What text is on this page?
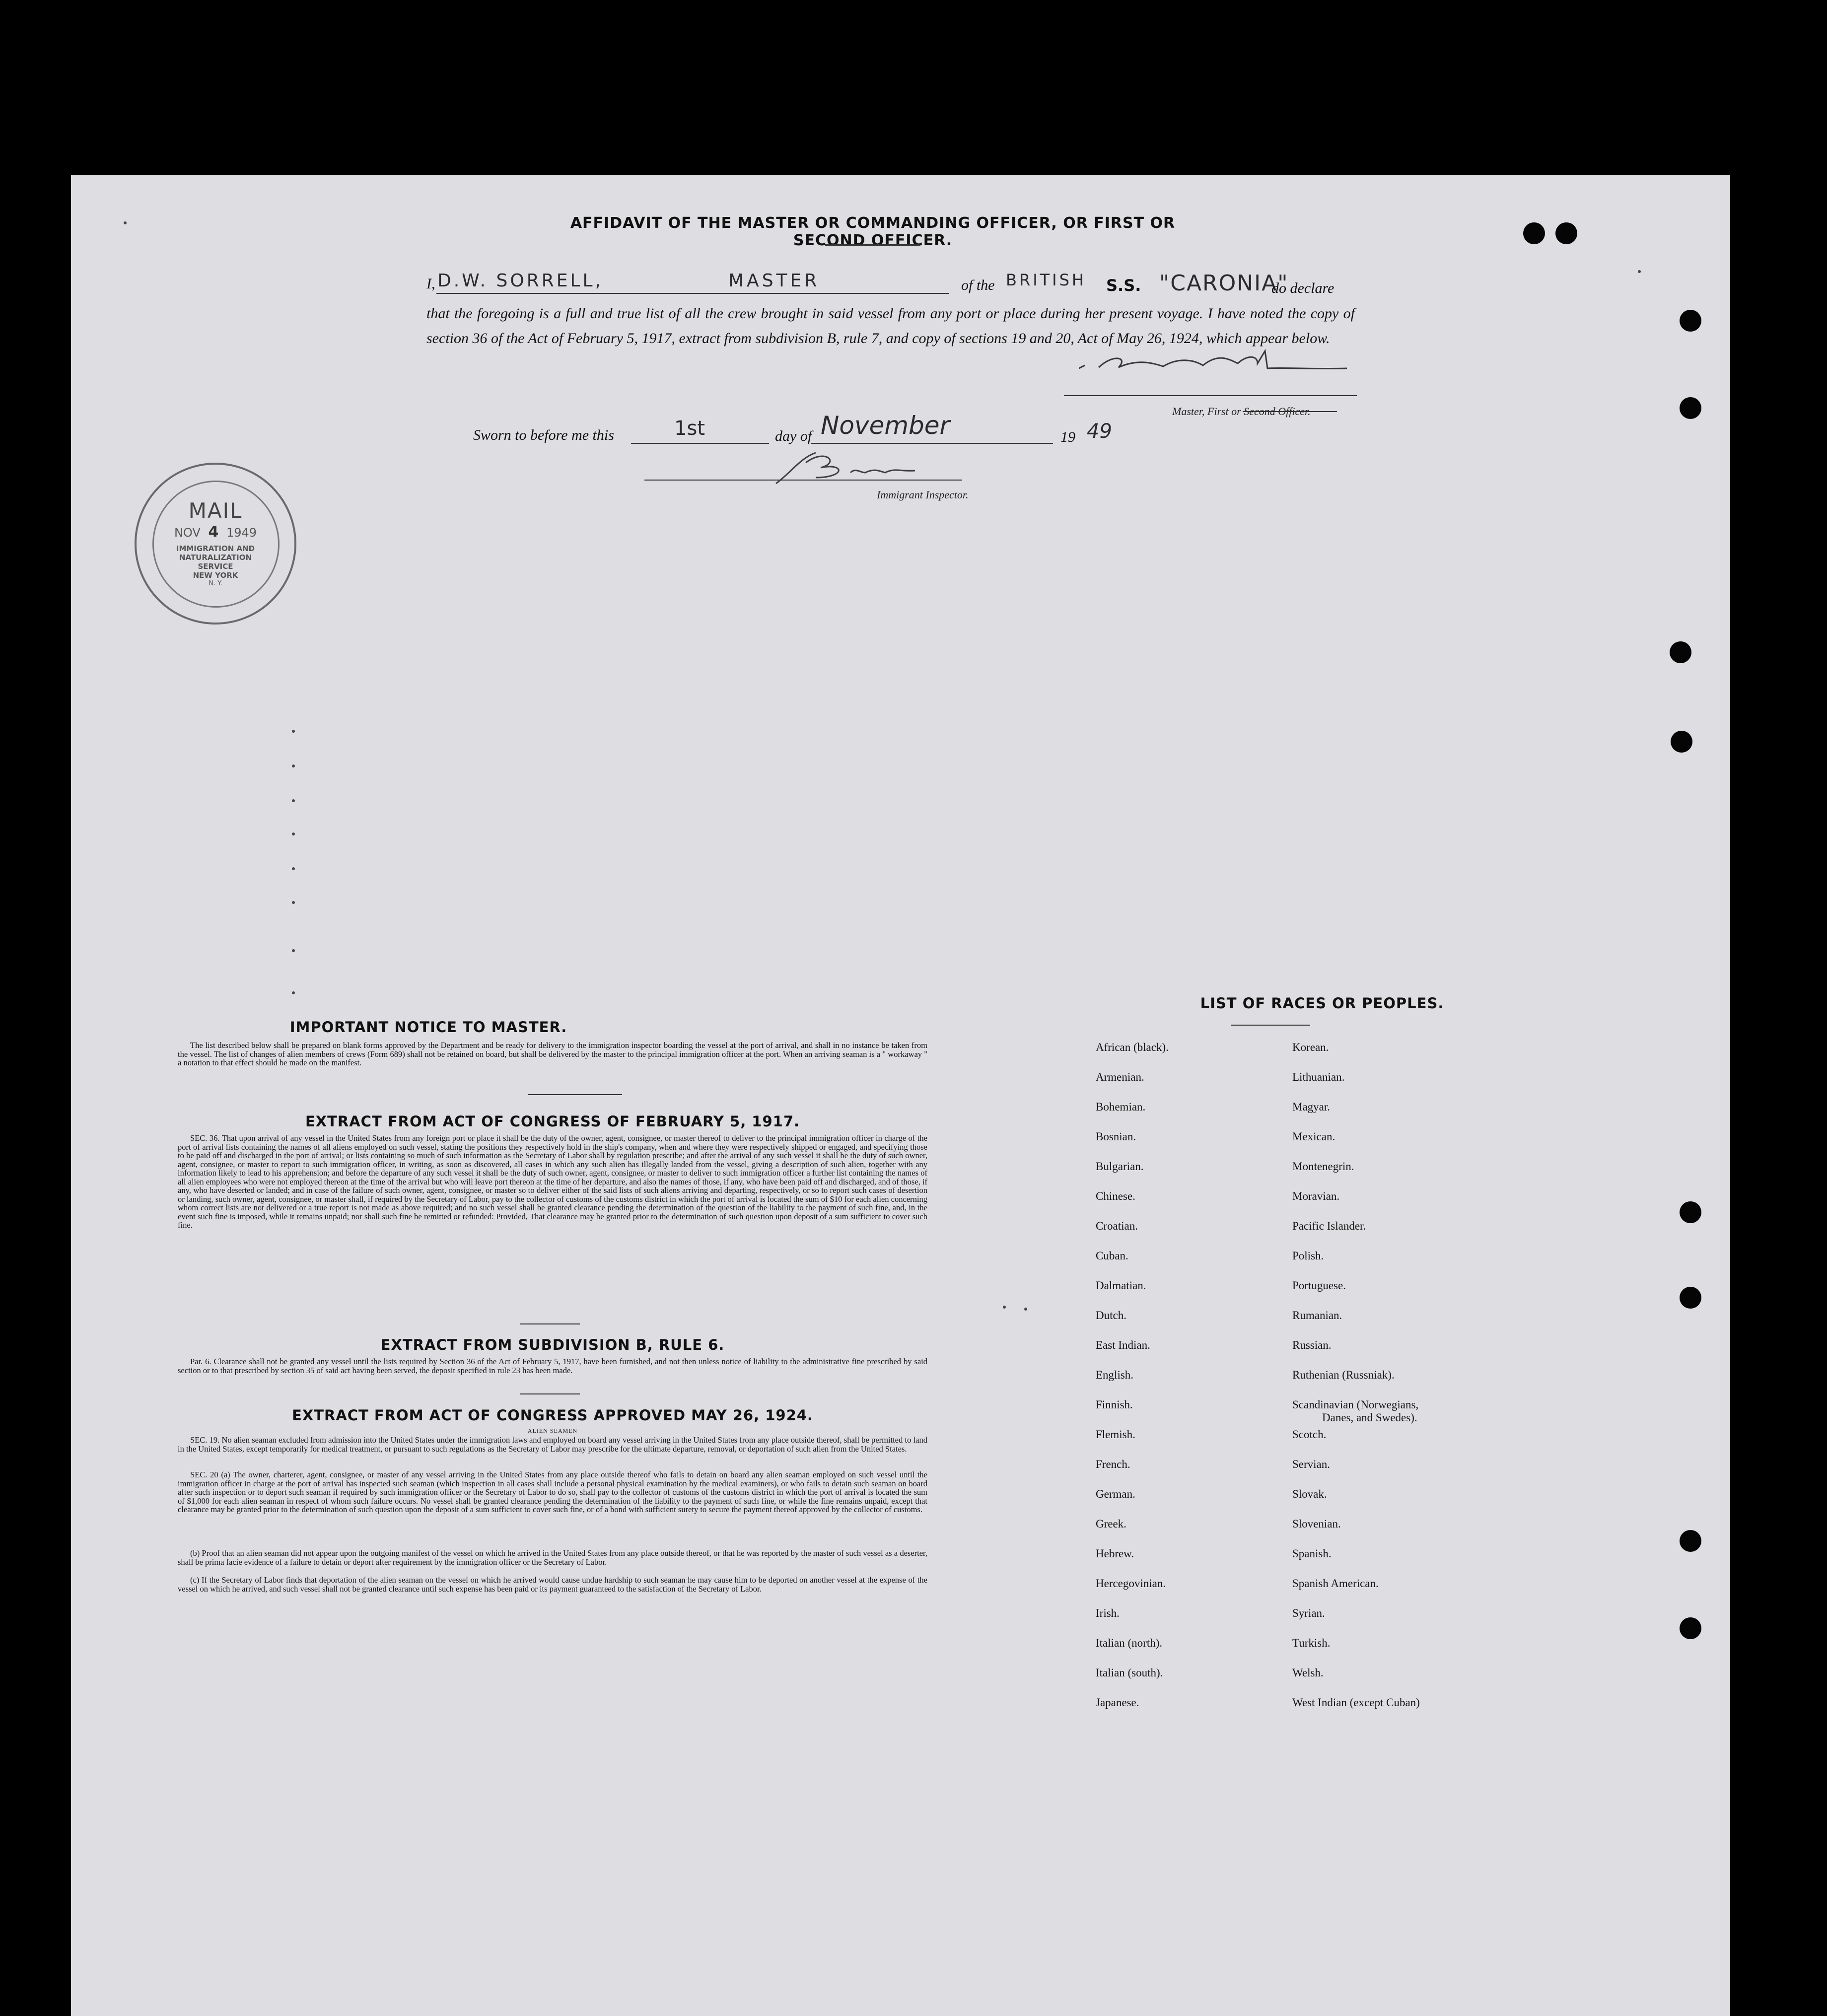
AFFIDAVIT OF THE MASTER OR COMMANDING OFFICER, OR FIRST OR SECOND OFFICER.
I, D.W. SORRELL,	MASTER	of the BRITISH S.S. "CARONIA"
do declare
that the foregoing is a full and true list of all the crew brought in said vessel from any port or place during her present voyage. I have noted the copy of section 36 of the Act of February 5, 1917, extract from subdivision B, rule 7, and copy of sections 19 and 20, Act of May 26, 1924, which appear below.
Master, First or Second Officer.
Sworn to before me this	1st	day of November	19 49
Immigrant Inspector.
MAIL
NOV 4 1949
IMMIGRATION AND
NATURALIZATION
SERVICE
NEW YORK
N. Y.
IMPORTANT NOTICE TO MASTER.
The list described below shall be prepared on blank forms approved by the Department and be ready for delivery to the immigration inspector boarding the vessel at the port of arrival, and shall in no instance be taken from the vessel. The list of changes of alien members of crews (Form 689) shall not be retained on board, but shall be delivered by the master to the principal immigration officer at the port. When an arriving seaman is a " workaway " a notation to that effect should be made on the manifest.
EXTRACT FROM ACT OF CONGRESS OF FEBRUARY 5, 1917.
SEC. 36. That upon arrival of any vessel in the United States from any foreign port or place it shall be the duty of the owner, agent, consignee, or master thereof to deliver to the principal immigration officer in charge of the port of arrival lists containing the names of all aliens employed on such vessel, stating the positions they respectively hold in the ship's company, when and where they were respectively shipped or engaged, and specifying those to be paid off and discharged in the port of arrival; or lists containing so much of such information as the Secretary of Labor shall by regulation prescribe; and after the arrival of any such vessel it shall be the duty of such owner, agent, consignee, or master to report to such immigration officer, in writing, as soon as discovered, all cases in which any such alien has illegally landed from the vessel, giving a description of such alien, together with any information likely to lead to his apprehension; and before the departure of any such vessel it shall be the duty of such owner, agent, consignee, or master to deliver to such immigration officer a further list containing the names of all alien employees who were not employed thereon at the time of the arrival but who will leave port thereon at the time of her departure, and also the names of those, if any, who have been paid off and discharged, and of those, if any, who have deserted or landed; and in case of the failure of such owner, agent, consignee, or master so to deliver either of the said lists of such aliens arriving and departing, respectively, or so to report such cases of desertion or landing, such owner, agent, consignee, or master shall, if required by the Secretary of Labor, pay to the collector of customs of the customs district in which the port of arrival is located the sum of $10 for each alien concerning whom correct lists are not delivered or a true report is not made as above required; and no such vessel shall be granted clearance pending the determination of the question of the liability to the payment of such fine, and, in the event such fine is imposed, while it remains unpaid; nor shall such fine be remitted or refunded: Provided, That clearance may be granted prior to the determination of such question upon deposit of a sum sufficient to cover such fine.
EXTRACT FROM SUBDIVISION B, RULE 6.
Par. 6. Clearance shall not be granted any vessel until the lists required by Section 36 of the Act of February 5, 1917, have been furnished, and not then unless notice of liability to the administrative fine prescribed by said section or to that prescribed by section 35 of said act having been served, the deposit specified in rule 23 has been made.
EXTRACT FROM ACT OF CONGRESS APPROVED MAY 26, 1924.
ALIEN SEAMEN
SEC. 19. No alien seaman excluded from admission into the United States under the immigration laws and employed on board any vessel arriving in the United States from any place outside thereof, shall be permitted to land in the United States, except temporarily for medical treatment, or pursuant to such regulations as the Secretary of Labor may prescribe for the ultimate departure, removal, or deportation of such alien from the United States.
SEC. 20 (a) The owner, charterer, agent, consignee, or master of any vessel arriving in the United States from any place outside thereof who fails to detain on board any alien seaman employed on such vessel until the immigration officer in charge at the port of arrival has inspected such seaman (which inspection in all cases shall include a personal physical examination by the medical examiners), or who fails to detain such seaman on board after such inspection or to deport such seaman if required by such immigration officer or the Secretary of Labor to do so, shall pay to the collector of customs of the customs district in which the port of arrival is located the sum of $1,000 for each alien seaman in respect of whom such failure occurs. No vessel shall be granted clearance pending the determination of the liability to the payment of such fine, or while the fine remains unpaid, except that clearance may be granted prior to the determination of such question upon the deposit of a sum sufficient to cover such fine, or of a bond with sufficient surety to secure the payment thereof approved by the collector of customs.
(b) Proof that an alien seaman did not appear upon the outgoing manifest of the vessel on which he arrived in the United States from any place outside thereof, or that he was reported by the master of such vessel as a deserter, shall be prima facie evidence of a failure to detain or deport after requirement by the immigration officer or the Secretary of Labor.
(c) If the Secretary of Labor finds that deportation of the alien seaman on the vessel on which he arrived would cause undue hardship to such seaman he may cause him to be deported on another vessel at the expense of the vessel on which he arrived, and such vessel shall not be granted clearance until such expense has been paid or its payment guaranteed to the satisfaction of the Secretary of Labor.
LIST OF RACES OR PEOPLES.
African (black).
Armenian.
Bohemian.
Bosnian.
Bulgarian.
Chinese.
Croatian.
Cuban.
Dalmatian.
Dutch.
East Indian.
English.
Finnish.
Flemish.
French.
German.
Greek.
Hebrew.
Hercegovinian.
Irish.
Italian (north).
Italian (south).
Japanese.
Korean.
Lithuanian.
Magyar.
Mexican.
Montenegrin.
Moravian.
Pacific Islander.
Polish.
Portuguese.
Rumanian.
Russian.
Ruthenian (Russniak).
Scandinavian (Norwegians,
Danes, and Swedes).
Scotch.
Servian.
Slovak.
Slovenian.
Spanish.
Spanish American.
Syrian.
Turkish.
Welsh.
West Indian (except Cuban)
